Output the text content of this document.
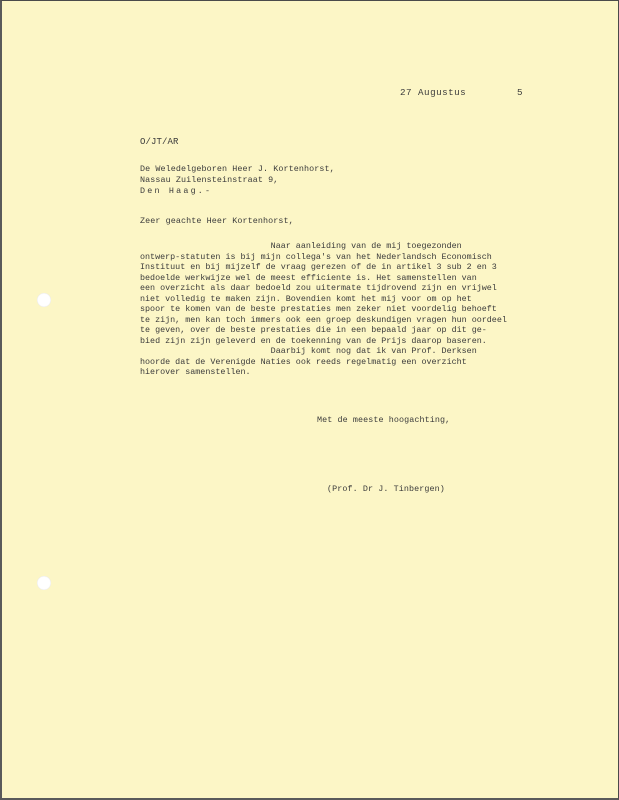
27 Augustus	5
O/JT/AR
De Weledelgeboren Heer J. Kortenhorst,
Nassau Zuilensteinstraat 9,
Den Haag.-
Zeer geachte Heer Kortenhorst,
Naar aanleiding van de mij toegezonden
ontwerp-statuten is bij mijn collega's van het Nederlandsch Economisch
Instituut en bij mijzelf de vraag gerezen of de in artikel 3 sub 2 en 3
bedoelde werkwijze wel de meest efficiente is. Het samenstellen van
een overzicht als daar bedoeld zou uitermate tijdrovend zijn en vrijwel
niet volledig te maken zijn. Bovendien komt het mij voor om op het
spoor te komen van de beste prestaties men zeker niet voordelig behoeft
te zijn, men kan toch immers ook een groep deskundigen vragen hun oordeel
te geven, over de beste prestaties die in een bepaald jaar op dit ge-
bied zijn zijn geleverd en de toekenning van de Prijs daarop baseren.
Daarbij komt nog dat ik van Prof. Derksen
hoorde dat de Verenigde Naties ook reeds regelmatig een overzicht
hierover samenstellen.
Met de meeste hoogachting,
(Prof. Dr J. Tinbergen)
